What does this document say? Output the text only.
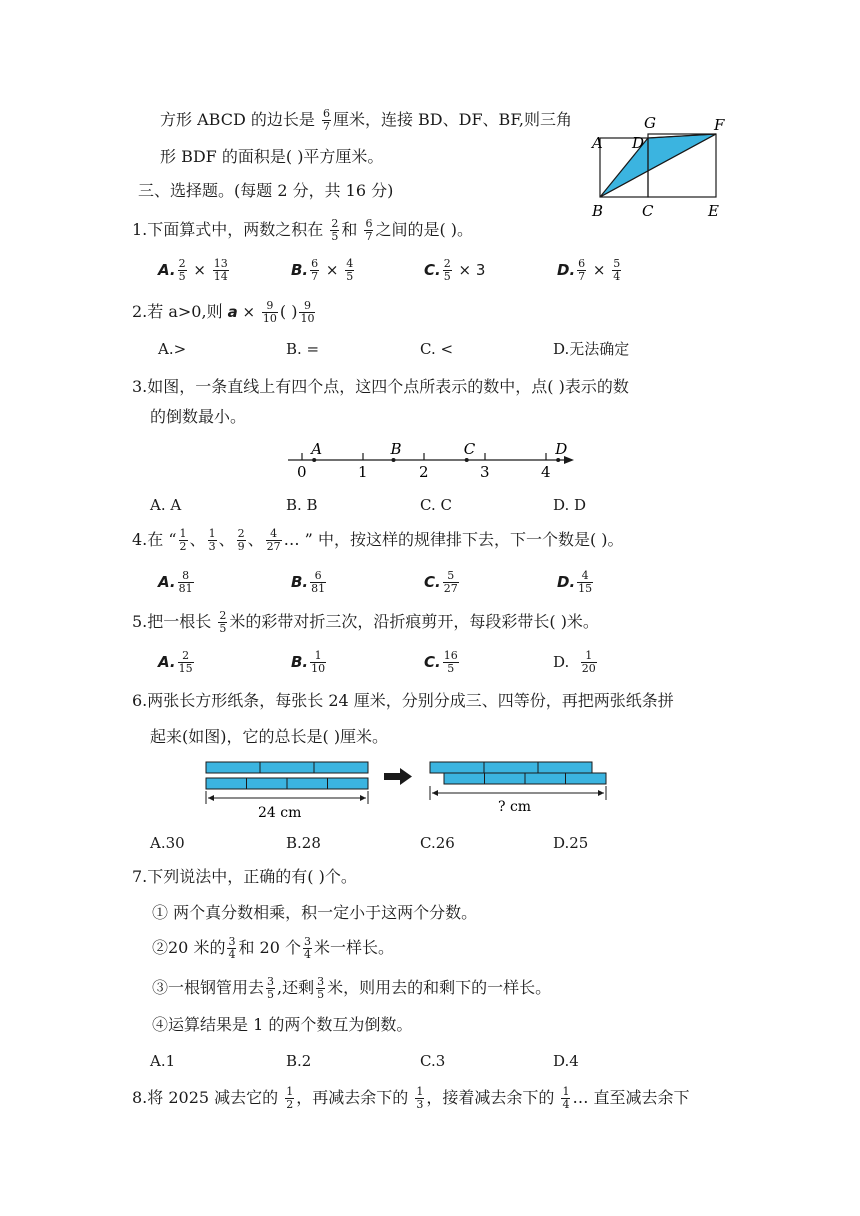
方形 ABCD 的边长是 $\frac{6}{7}$ 厘米，连接 BD、DF、BF,则三角
形 BDF 的面积是( )平方厘米。
A D
G	F
B	C	E
三、选择题。(每题 2 分，共 16 分)
1.下面算式中，两数之积在 $\frac{2}{5}$ 和 $\frac{6}{7}$ 之间的是( )。
A. $\frac{2}{5} \times \frac{13}{14}$	B. $\frac{6}{7} \times \frac{4}{5}$	C. $\frac{2}{5} \times 3$	D. $\frac{6}{7} \times \frac{5}{4}$
2.若 a>0,则 $a \times \frac{9}{10}$ ( ) $\frac{9}{10}$
A.>	B. =	C. <	D.无法确定
3.如图，一条直线上有四个点，这四个点所表示的数中，点( )表示的数
的倒数最小。
0	1	2	3	4
A	B	C	D
A. A	B. B	C. C	D. D
4.在 “ $\frac{1}{2}$ 、 $\frac{1}{3}$ 、 $\frac{2}{9}$ 、 $\frac{4}{27}$ … ” 中，按这样的规律排下去，下一个数是( )。
A. $\frac{8}{81}$	B. $\frac{6}{81}$	C. $\frac{5}{27}$	D. $\frac{4}{15}$
5.把一根长 $\frac{2}{5}$ 米的彩带对折三次，沿折痕剪开，每段彩带长( )米。
A. $\frac{2}{15}$	B. $\frac{1}{10}$	C. $\frac{16}{5}$	D. $\frac{1}{20}$
6.两张长方形纸条，每张长 24 厘米，分别分成三、四等份，再把两张纸条拼
起来(如图)，它的总长是( )厘米。
24 cm	? cm
A.30	B.28	C.26	D.25
7.下列说法中，正确的有( )个。
① 两个真分数相乘，积一定小于这两个分数。
②20 米的 $\frac{3}{4}$ 和 20 个 $\frac{3}{4}$ 米一样长。
③一根钢管用去 $\frac{3}{5}$ ,还剩 $\frac{3}{5}$ 米，则用去的和剩下的一样长。
④运算结果是 1 的两个数互为倒数。
A.1	B.2	C.3	D.4
8.将 2025 减去它的 $\frac{1}{2}$ ，再减去余下的 $\frac{1}{3}$ ，接着减去余下的 $\frac{1}{4}$ … 直至减去余下
